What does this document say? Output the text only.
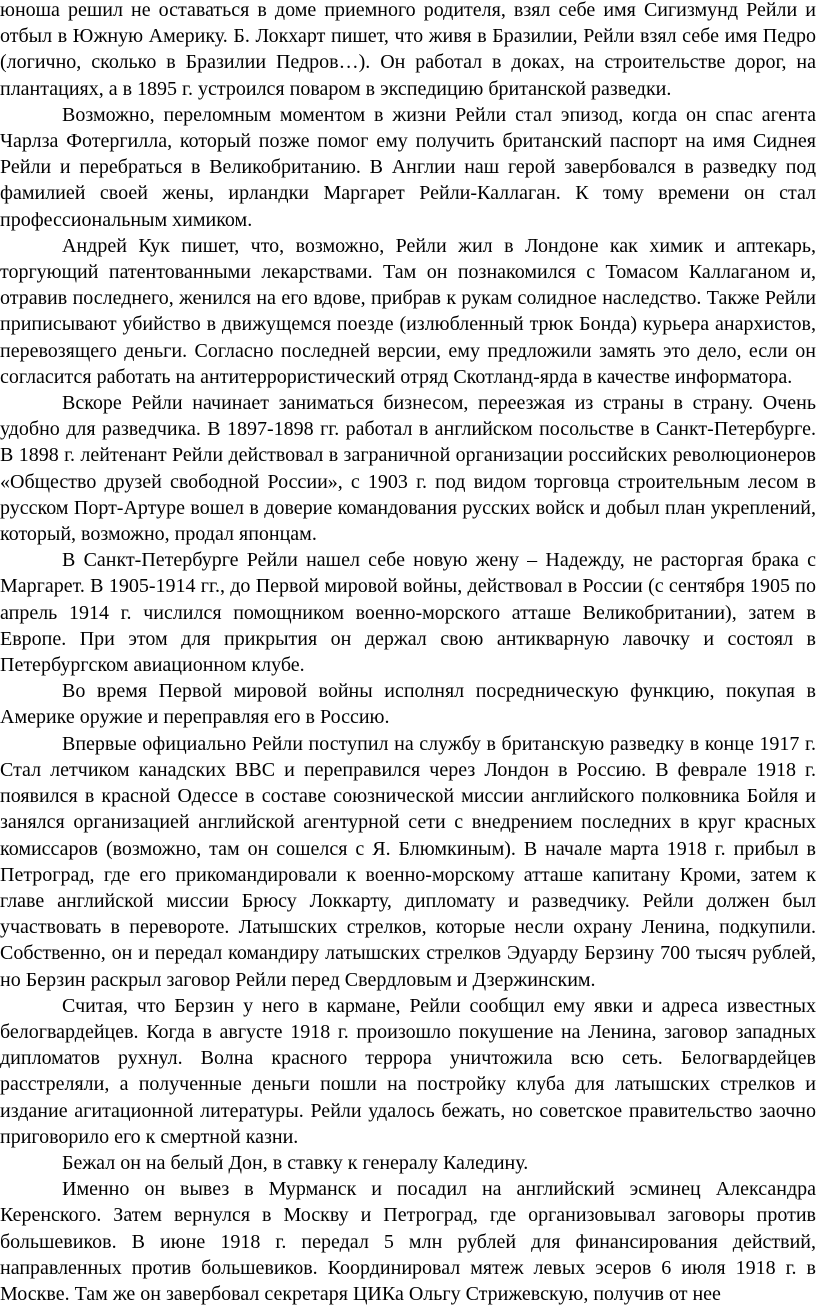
юноша решил не оставаться в доме приемного родителя, взял себе имя Сигизмунд Рейли и отбыл в Южную Америку. Б. Локхарт пишет, что живя в Бразилии, Рейли взял себе имя Педро (логично, сколько в Бразилии Педров…). Он работал в доках, на строительстве дорог, на плантациях, а в 1895 г. устроился поваром в экспедицию британской разведки.

Возможно, переломным моментом в жизни Рейли стал эпизод, когда он спас агента Чарлза Фотергилла, который позже помог ему получить британский паспорт на имя Сиднея Рейли и перебраться в Великобританию. В Англии наш герой завербовался в разведку под фамилией своей жены, ирландки Маргарет Рейли-Каллаган. К тому времени он стал профессиональным химиком.

Андрей Кук пишет, что, возможно, Рейли жил в Лондоне как химик и аптекарь, торгующий патентованными лекарствами. Там он познакомился с Томасом Каллаганом и, отравив последнего, женился на его вдове, прибрав к рукам солидное наследство. Также Рейли приписывают убийство в движущемся поезде (излюбленный трюк Бонда) курьера анархистов, перевозящего деньги. Согласно последней версии, ему предложили замять это дело, если он согласится работать на антитеррористический отряд Скотланд-ярда в качестве информатора.

Вскоре Рейли начинает заниматься бизнесом, переезжая из страны в страну. Очень удобно для разведчика. В 1897-1898 гг. работал в английском посольстве в Санкт-Петербурге. В 1898 г. лейтенант Рейли действовал в заграничной организации российских революционеров «Общество друзей свободной России», с 1903 г. под видом торговца строительным лесом в русском Порт-Артуре вошел в доверие командования русских войск и добыл план укреплений, который, возможно, продал японцам.

В Санкт-Петербурге Рейли нашел себе новую жену – Надежду, не расторгая брака с Маргарет. В 1905-1914 гг., до Первой мировой войны, действовал в России (с сентября 1905 по апрель 1914 г. числился помощником военно-морского атташе Великобритании), затем в Европе. При этом для прикрытия он держал свою антикварную лавочку и состоял в Петербургском авиационном клубе.

Во время Первой мировой войны исполнял посредническую функцию, покупая в Америке оружие и переправляя его в Россию.

Впервые официально Рейли поступил на службу в британскую разведку в конце 1917 г. Стал летчиком канадских ВВС и переправился через Лондон в Россию. В феврале 1918 г. появился в красной Одессе в составе союзнической миссии английского полковника Бойля и занялся организацией английской агентурной сети с внедрением последних в круг красных комиссаров (возможно, там он сошелся с Я. Блюмкиным). В начале марта 1918 г. прибыл в Петроград, где его прикомандировали к военно-морскому атташе капитану Кроми, затем к главе английской миссии Брюсу Локкарту, дипломату и разведчику. Рейли должен был участвовать в перевороте. Латышских стрелков, которые несли охрану Ленина, подкупили. Собственно, он и передал командиру латышских стрелков Эдуарду Берзину 700 тысяч рублей, но Берзин раскрыл заговор Рейли перед Свердловым и Дзержинским.

Считая, что Берзин у него в кармане, Рейли сообщил ему явки и адреса известных белогвардейцев. Когда в августе 1918 г. произошло покушение на Ленина, заговор западных дипломатов рухнул. Волна красного террора уничтожила всю сеть. Белогвардейцев расстреляли, а полученные деньги пошли на постройку клуба для латышских стрелков и издание агитационной литературы. Рейли удалось бежать, но советское правительство заочно приговорило его к смертной казни.

Бежал он на белый Дон, в ставку к генералу Каледину.

Именно он вывез в Мурманск и посадил на английский эсминец Александра Керенского. Затем вернулся в Москву и Петроград, где организовывал заговоры против большевиков. В июне 1918 г. передал 5 млн рублей для финансирования действий, направленных против большевиков. Координировал мятеж левых эсеров 6 июля 1918 г. в Москве. Там же он завербовал секретаря ЦИКа Ольгу Стрижевскую, получив от нее
